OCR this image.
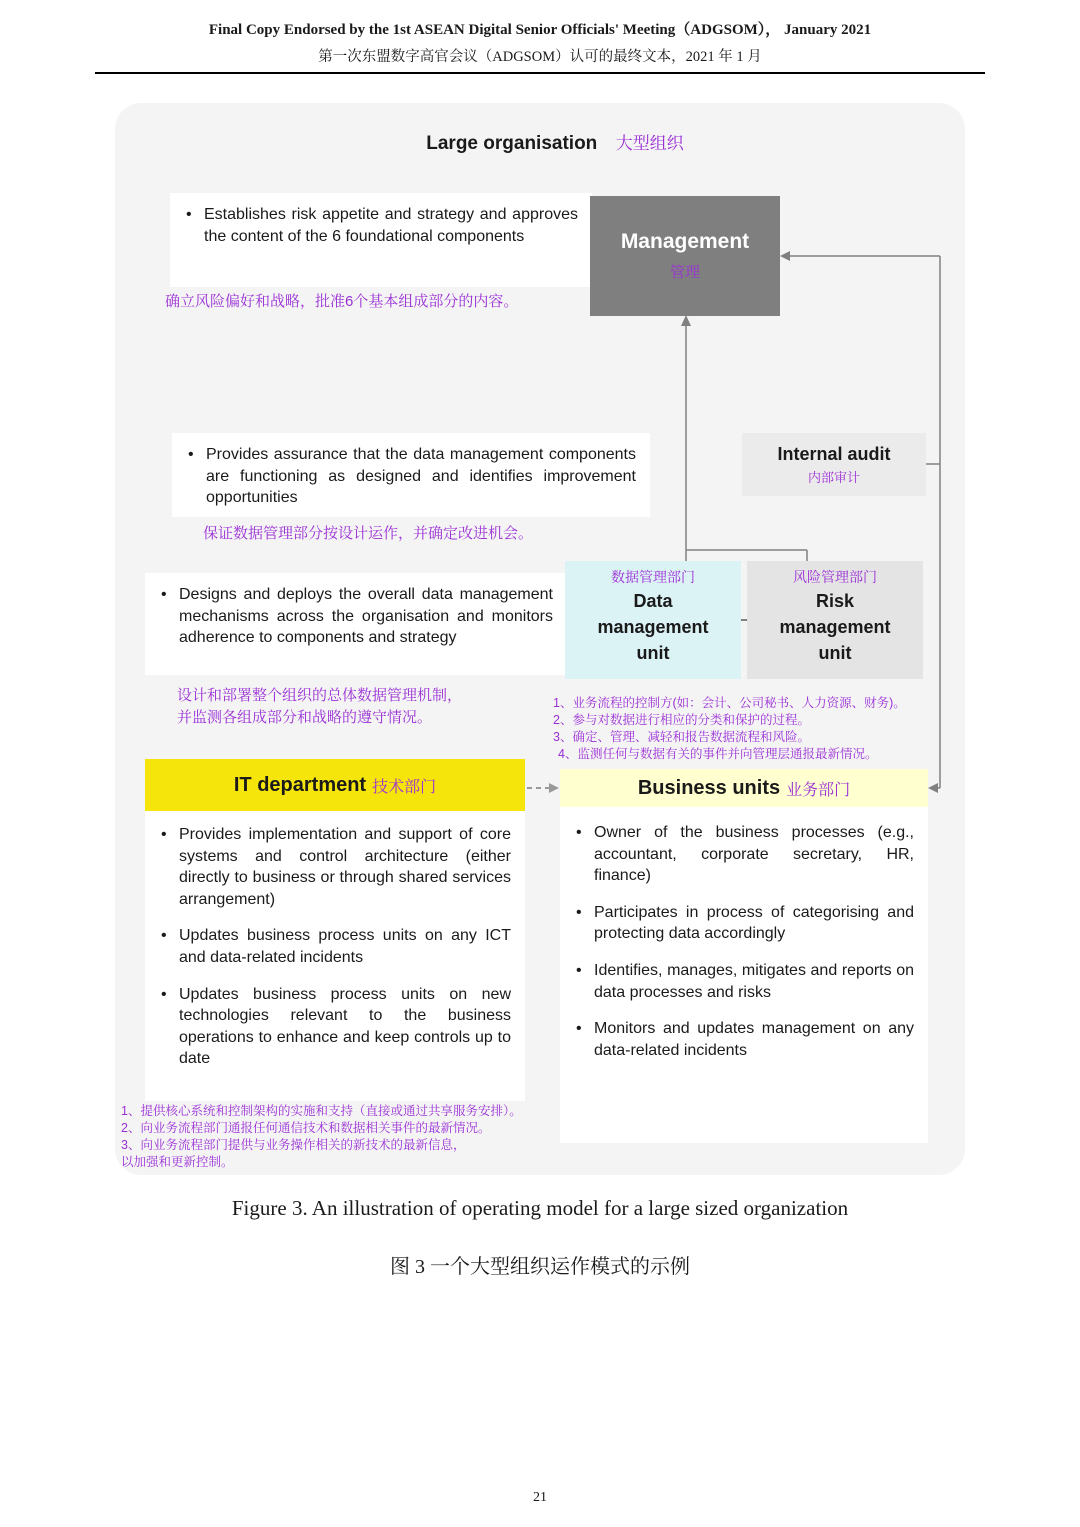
Final Copy Endorsed by the 1st ASEAN Digital Senior Officials' Meeting（ADGSOM）， January 2021
第一次东盟数字高官会议（ADGSOM）认可的最终文本，2021 年 1 月
Large organisation 大型组织
•
Establishes risk appetite and strategy and approves the content of the 6 foundational components
确立风险偏好和战略，批准6个基本组成部分的内容。
Management
管理
•
Provides assurance that the data management components are functioning as designed and identifies improvement opportunities
保证数据管理部分按设计运作，并确定改进机会。
Internal audit
内部审计
•
Designs and deploys the overall data management mechanisms across the organisation and monitors adherence to components and strategy
设计和部署整个组织的总体数据管理机制，
并监测各组成部分和战略的遵守情况。
数据管理部门
Data management unit
风险管理部门
Risk management unit
1、业务流程的控制方(如：会计、公司秘书、人力资源、财务)。
2、参与对数据进行相应的分类和保护的过程。
3、确定、管理、减轻和报告数据流程和风险。
4、监测任何与数据有关的事件并向管理层通报最新情况。
IT department 技术部门	Business units 业务部门
•
Provides implementation and support of core systems and control architecture (either directly to business or through shared services arrangement)
•
Updates business process units on any ICT and data-related incidents
•
Updates business process units on new technologies relevant to the business operations to enhance and keep controls up to date
1、提供核心系统和控制架构的实施和支持（直接或通过共享服务安排）。
2、向业务流程部门通报任何通信技术和数据相关事件的最新情况。
3、向业务流程部门提供与业务操作相关的新技术的最新信息，
以加强和更新控制。
•
Owner of the business processes (e.g., accountant, corporate secretary, HR, finance)
•
Participates in process of categorising and protecting data accordingly
•
Identifies, manages, mitigates and reports on data processes and risks
•
Monitors and updates management on any data-related incidents
Figure 3. An illustration of operating model for a large sized organization
图 3 一个大型组织运作模式的示例
21
